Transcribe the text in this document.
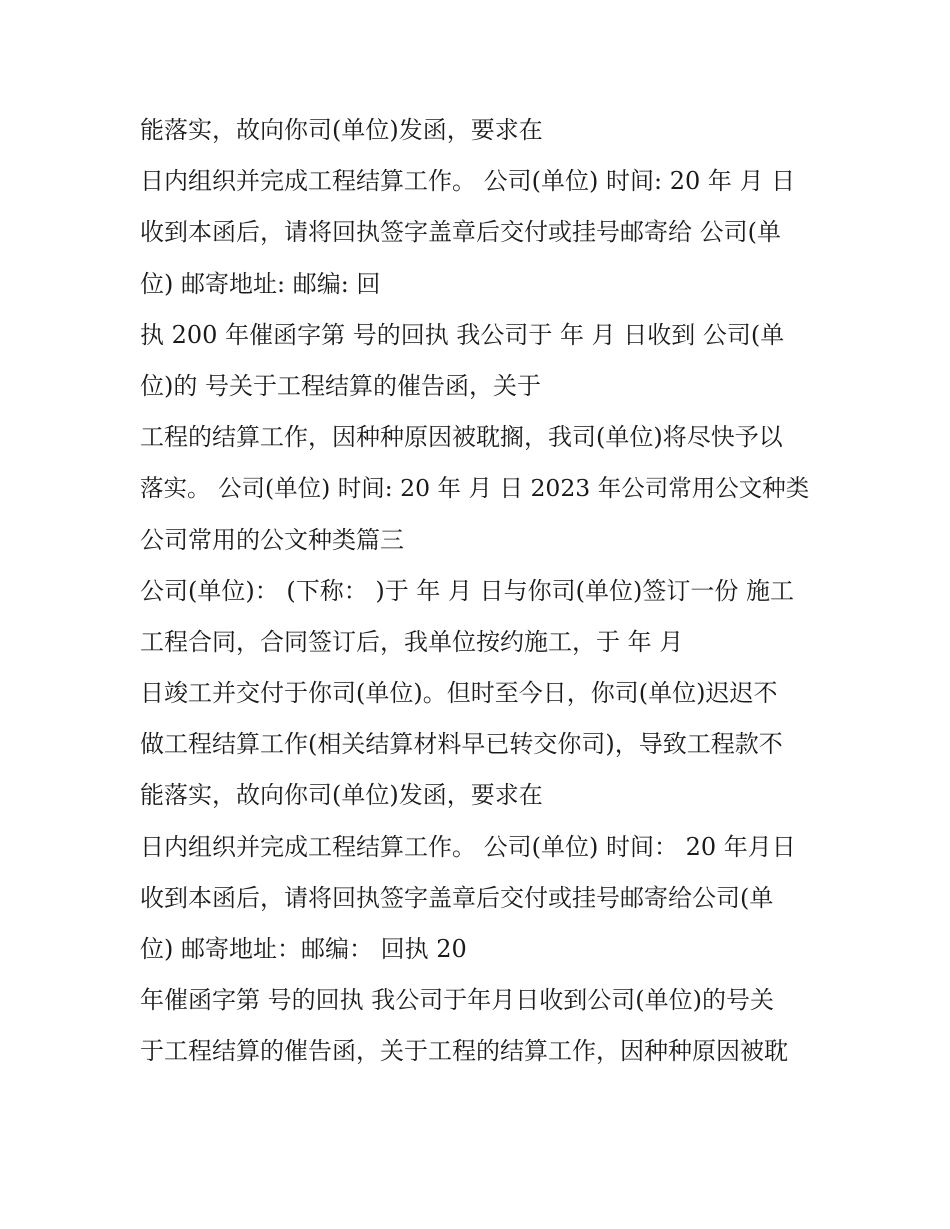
能落实，故向你司(单位)发函，要求在
日内组织并完成工程结算工作。 公司(单位) 时间: 20 年 月 日
收到本函后，请将回执签字盖章后交付或挂号邮寄给 公司(单
位) 邮寄地址: 邮编: 回
执 200 年催函字第 号的回执 我公司于 年 月 日收到 公司(单
位)的 号关于工程结算的催告函，关于
工程的结算工作，因种种原因被耽搁，我司(单位)将尽快予以
落实。 公司(单位) 时间: 20 年 月 日 2023 年公司常用公文种类
公司常用的公文种类篇三
公司(单位)： (下称： )于 年 月 日与你司(单位)签订一份 施工
工程合同，合同签订后，我单位按约施工，于 年 月
日竣工并交付于你司(单位)。但时至今日，你司(单位)迟迟不
做工程结算工作(相关结算材料早已转交你司)，导致工程款不
能落实，故向你司(单位)发函，要求在
日内组织并完成工程结算工作。 公司(单位) 时间： 20 年月日
收到本函后，请将回执签字盖章后交付或挂号邮寄给公司(单
位) 邮寄地址：邮编： 回执 20
年催函字第 号的回执 我公司于年月日收到公司(单位)的号关
于工程结算的催告函，关于工程的结算工作，因种种原因被耽
